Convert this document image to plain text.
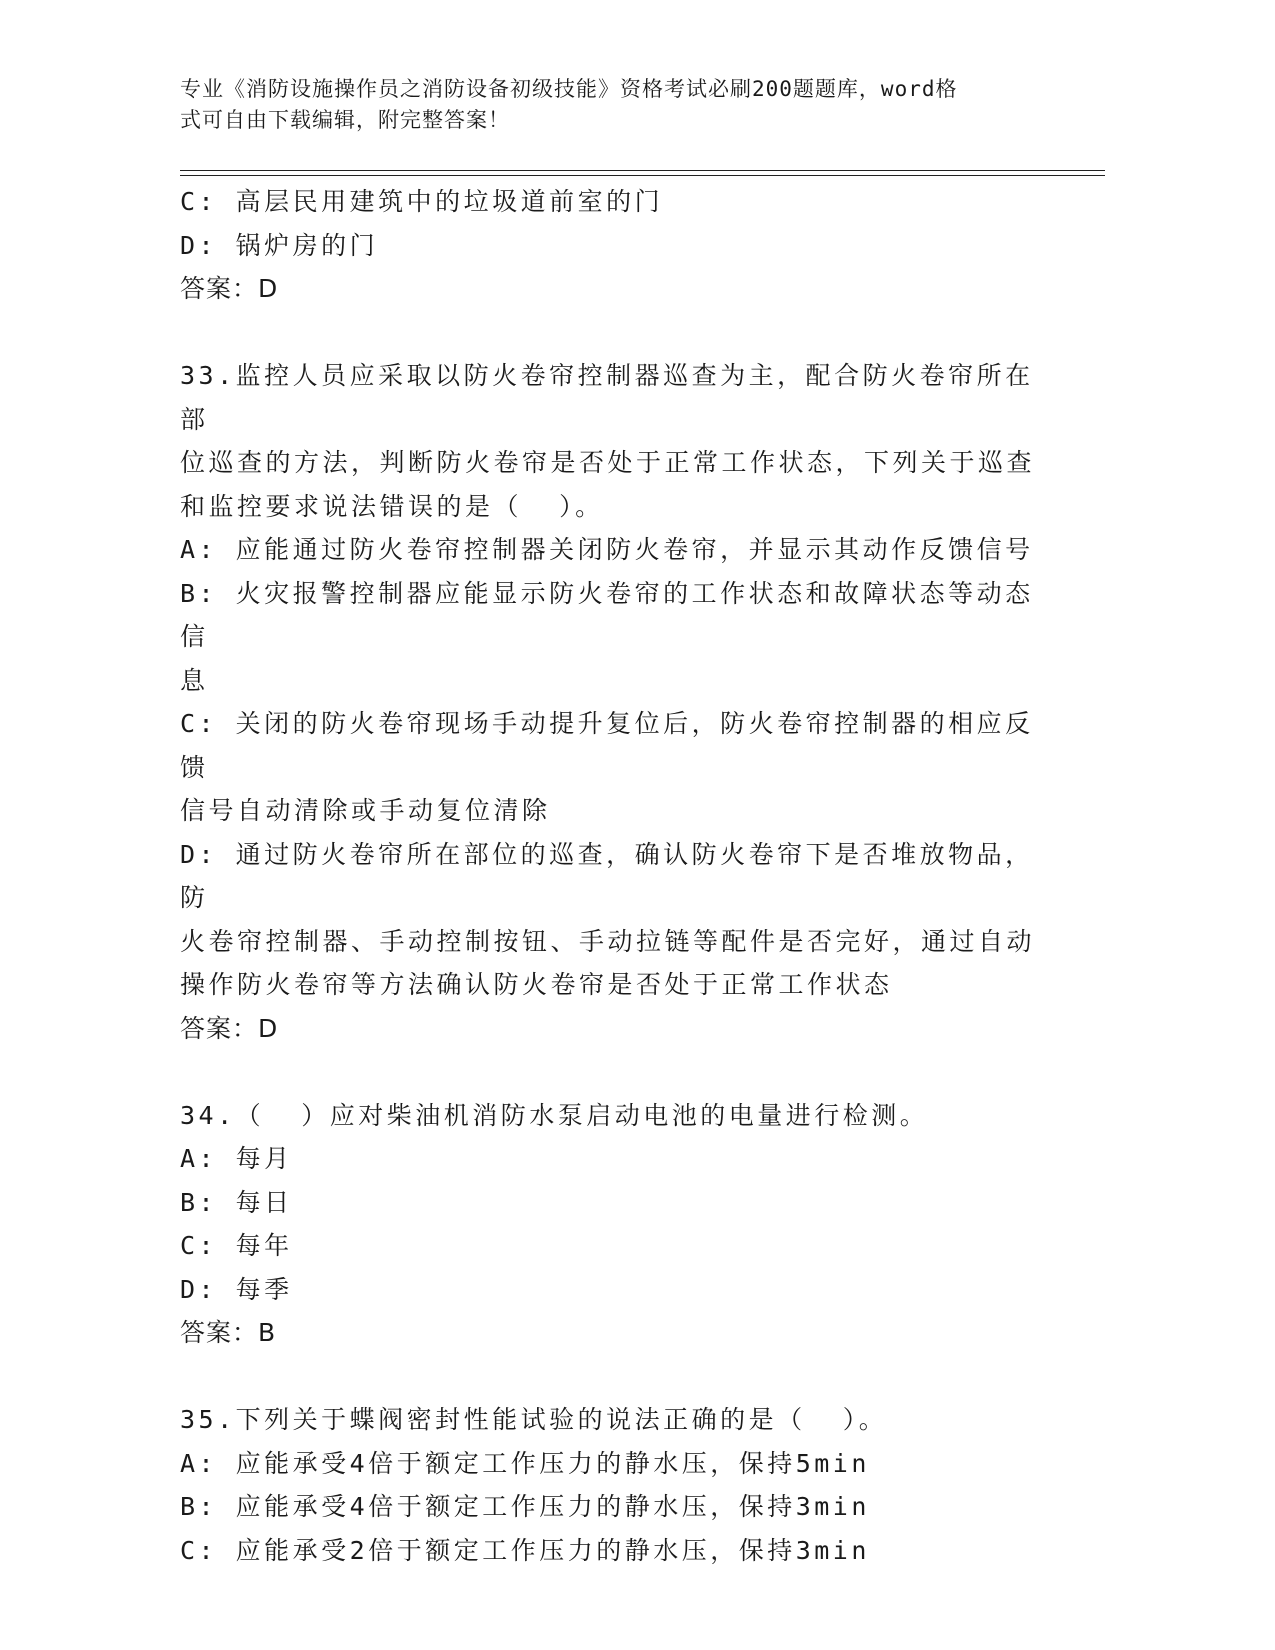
专业《消防设施操作员之消防设备初级技能》资格考试必刷200题题库，word格
式可自由下载编辑，附完整答案！
C: 高层民用建筑中的垃圾道前室的门
D: 锅炉房的门
答案：D
33.监控人员应采取以防火卷帘控制器巡查为主，配合防火卷帘所在部
位巡查的方法，判断防火卷帘是否处于正常工作状态，下列关于巡查
和监控要求说法错误的是（  ）。
A: 应能通过防火卷帘控制器关闭防火卷帘，并显示其动作反馈信号
B: 火灾报警控制器应能显示防火卷帘的工作状态和故障状态等动态信
息
C: 关闭的防火卷帘现场手动提升复位后，防火卷帘控制器的相应反馈
信号自动清除或手动复位清除
D: 通过防火卷帘所在部位的巡查，确认防火卷帘下是否堆放物品，防
火卷帘控制器、手动控制按钮、手动拉链等配件是否完好，通过自动
操作防火卷帘等方法确认防火卷帘是否处于正常工作状态
答案：D
34.（  ）应对柴油机消防水泵启动电池的电量进行检测。
A: 每月
B: 每日
C: 每年
D: 每季
答案：B
35.下列关于蝶阀密封性能试验的说法正确的是（  ）。
A: 应能承受4倍于额定工作压力的静水压，保持5min
B: 应能承受4倍于额定工作压力的静水压，保持3min
C: 应能承受2倍于额定工作压力的静水压，保持3min
